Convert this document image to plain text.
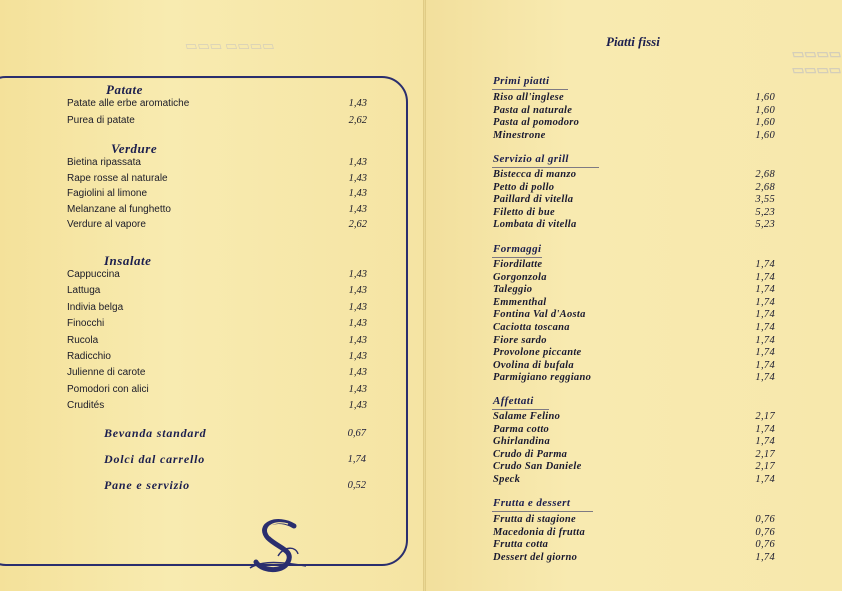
▭▭▭▭ ▭▭▭
▭▭▭▭ ▭▭▭▭
Patate
Patate alle erbe aromatiche	1,43
Purea di patate	2,62
Verdure
Bietina ripassata	1,43
Rape rosse al naturale	1,43
Fagiolini al limone	1,43
Melanzane al funghetto	1,43
Verdure al vapore	2,62
Insalate
Cappuccina	1,43
Lattuga	1,43
Indivia belga	1,43
Finocchi	1,43
Rucola	1,43
Radicchio	1,43
Julienne di carote	1,43
Pomodori con alici	1,43
Crudités	1,43
Bevanda standard	0,67
Dolci dal carrello	1,74
Pane e servizio	0,52
Piatti fissi
Primi piatti
Riso all'inglese	1,60
Pasta al naturale	1,60
Pasta al pomodoro	1,60
Minestrone	1,60
Servizio al grill
Bistecca di manzo	2,68
Petto di pollo	2,68
Paillard di vitella	3,55
Filetto di bue	5,23
Lombata di vitella	5,23
Formaggi
Fiordilatte	1,74
Gorgonzola	1,74
Taleggio	1,74
Emmenthal	1,74
Fontina Val d'Aosta	1,74
Caciotta toscana	1,74
Fiore sardo	1,74
Provolone piccante	1,74
Ovolina di bufala	1,74
Parmigiano reggiano	1,74
Affettati
Salame Felino	2,17
Parma cotto	1,74
Ghirlandina	1,74
Crudo di Parma	2,17
Crudo San Daniele	2,17
Speck	1,74
Frutta e dessert
Frutta di stagione	0,76
Macedonia di frutta	0,76
Frutta cotta	0,76
Dessert del giorno	1,74
